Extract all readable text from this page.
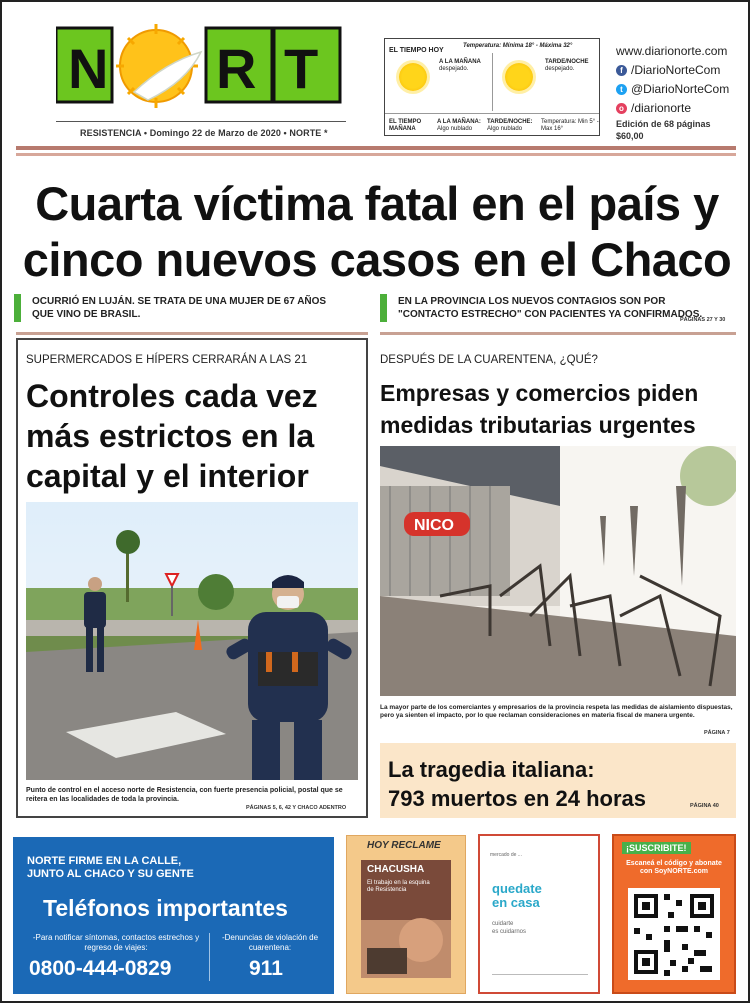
N R T
RESISTENCIA • Domingo 22 de Marzo de 2020 • NORTE *
EL TIEMPO HOY
Temperatura: Mínima 18° - Máxima 32°
A LA MAÑANA
despejado.
TARDE/NOCHE
despejado.
EL TIEMPO MAÑANA
A LA MAÑANA:
Algo nublado
TARDE/NOCHE:
Algo nublado
Temperatura: Min 5° - Max 16°
www.diarionorte.com
f /DiarioNorteCom
t @DiarioNorteCom
o /diarionorte
Edición de 68 páginas
$60,00
Cuarta víctima fatal en el país y
cinco nuevos casos en el Chaco
OCURRIÓ EN LUJÁN. SE TRATA DE UNA MUJER DE 67 AÑOS QUE VINO DE BRASIL.
EN LA PROVINCIA LOS NUEVOS CONTAGIOS SON POR "CONTACTO ESTRECHO" CON PACIENTES YA CONFIRMADOS.
PÁGINAS 27 Y 30
SUPERMERCADOS E HÍPERS CERRARÁN A LAS 21
Controles cada vez
más estrictos en la
capital y el interior
Punto de control en el acceso norte de Resistencia, con fuerte presencia policial, postal que se reitera en las localidades de toda la provincia.
PÁGINAS 5, 6, 42 Y CHACO ADENTRO
DESPUÉS DE LA CUARENTENA, ¿QUÉ?
Empresas y comercios piden
medidas tributarias urgentes
NICO
La mayor parte de los comerciantes y empresarios de la provincia respeta las medidas de aislamiento dispuestas, pero ya sienten el impacto, por lo que reclaman consideraciones en materia fiscal de manera urgente.
PÁGINA 7
La tragedia italiana:
793 muertos en 24 horas	PÁGINA 40
NORTE FIRME EN LA CALLE,
JUNTO AL CHACO Y SU GENTE
Teléfonos importantes
-Para notificar síntomas, contactos estrechos y regreso de viajes:
0800-444-0829
-Denuncias de violación de cuarentena:
911
HOY RECLAME
CHACUSHA
El trabajo en la esquina de Resistencia
mercado de ...
quedate
en casa
cuidarte
es cuidarnos
¡SUSCRIBITE!
Escaneá el código y abonate con SoyNORTE.com
